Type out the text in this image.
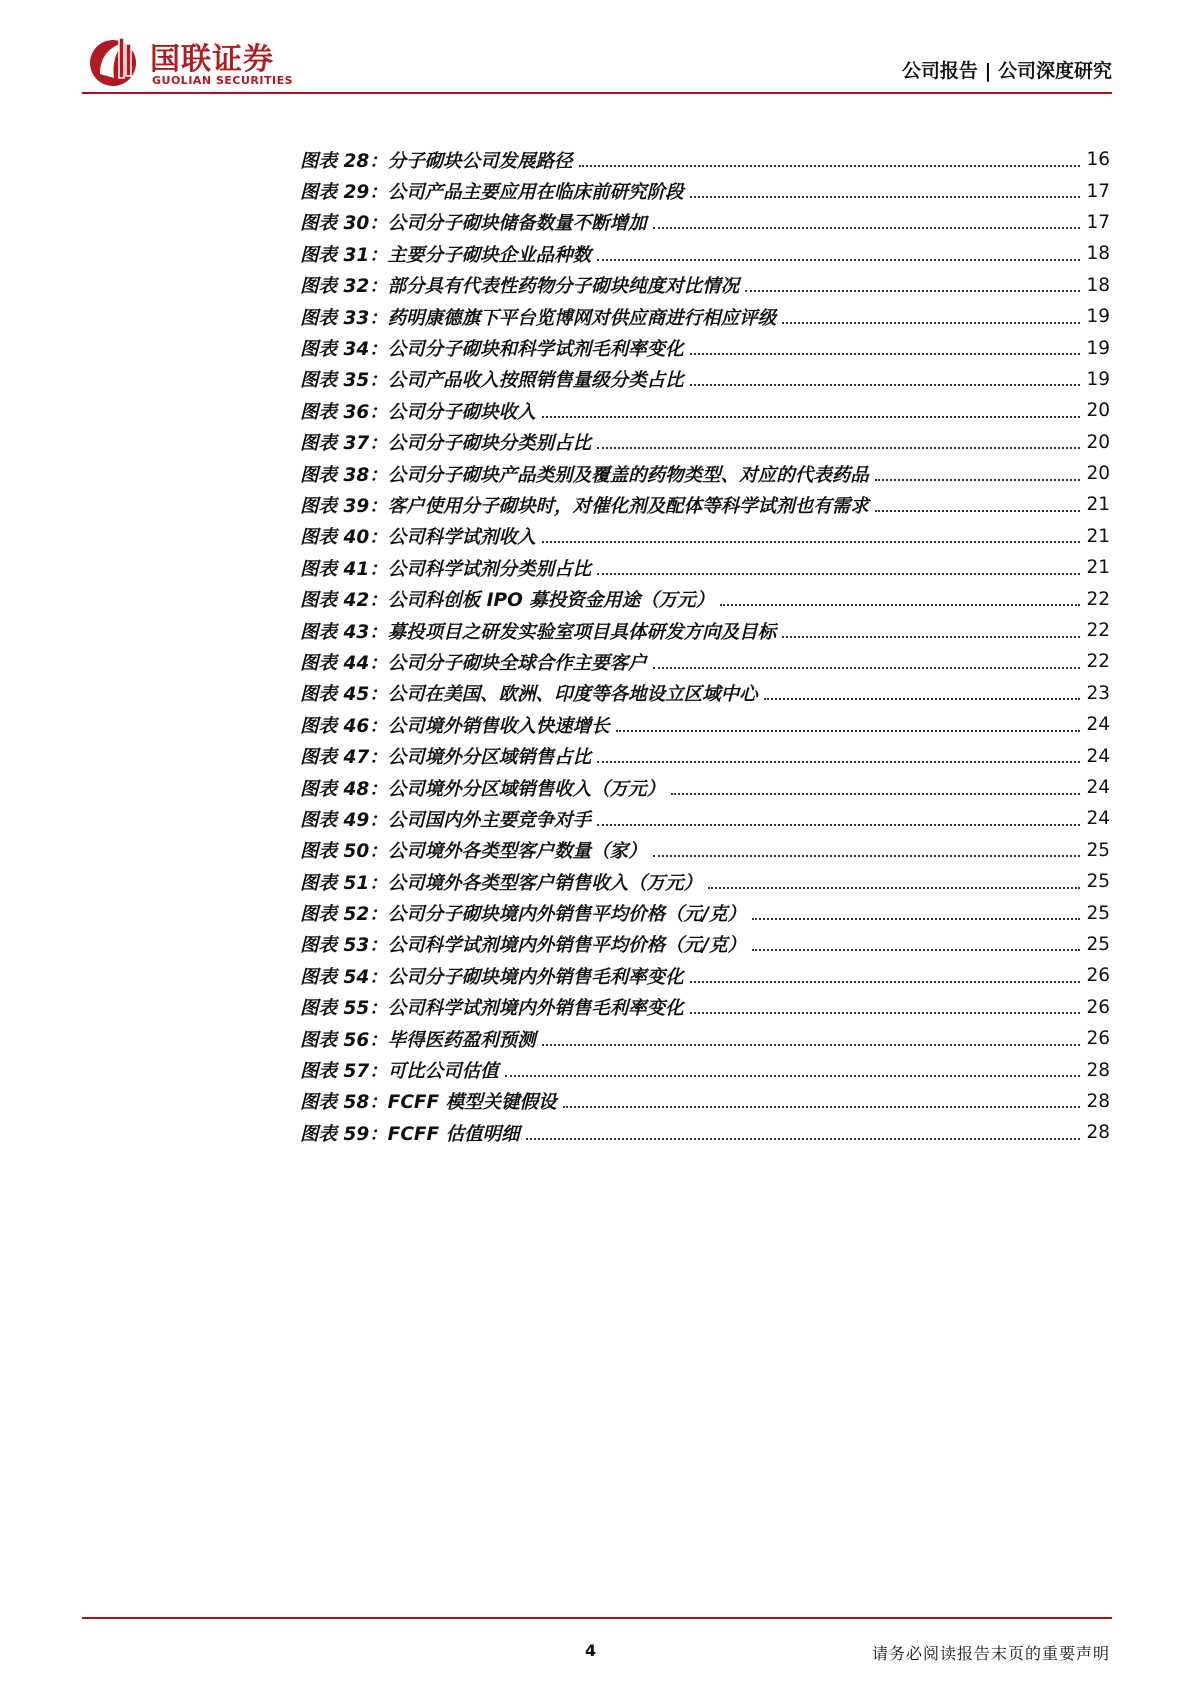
国联证券
GUOLIAN SECURITIES	公司报告 | 公司深度研究
图表 28：分子砌块公司发展路径	16
图表 29：公司产品主要应用在临床前研究阶段	17
图表 30：公司分子砌块储备数量不断增加	17
图表 31：主要分子砌块企业品种数	18
图表 32：部分具有代表性药物分子砌块纯度对比情况	18
图表 33：药明康德旗下平台览博网对供应商进行相应评级	19
图表 34：公司分子砌块和科学试剂毛利率变化	19
图表 35：公司产品收入按照销售量级分类占比	19
图表 36：公司分子砌块收入	20
图表 37：公司分子砌块分类别占比	20
图表 38：公司分子砌块产品类别及覆盖的药物类型、对应的代表药品	20
图表 39：客户使用分子砌块时，对催化剂及配体等科学试剂也有需求	21
图表 40：公司科学试剂收入	21
图表 41：公司科学试剂分类别占比	21
图表 42：公司科创板 IPO 募投资金用途（万元）	22
图表 43：募投项目之研发实验室项目具体研发方向及目标	22
图表 44：公司分子砌块全球合作主要客户	22
图表 45：公司在美国、欧洲、印度等各地设立区域中心	23
图表 46：公司境外销售收入快速增长	24
图表 47：公司境外分区域销售占比	24
图表 48：公司境外分区域销售收入（万元）	24
图表 49：公司国内外主要竞争对手	24
图表 50：公司境外各类型客户数量（家）	25
图表 51：公司境外各类型客户销售收入（万元）	25
图表 52：公司分子砌块境内外销售平均价格（元/克）	25
图表 53：公司科学试剂境内外销售平均价格（元/克）	25
图表 54：公司分子砌块境内外销售毛利率变化	26
图表 55：公司科学试剂境内外销售毛利率变化	26
图表 56：毕得医药盈利预测	26
图表 57：可比公司估值	28
图表 58：FCFF 模型关键假设	28
图表 59：FCFF 估值明细	28
4	请务必阅读报告末页的重要声明
